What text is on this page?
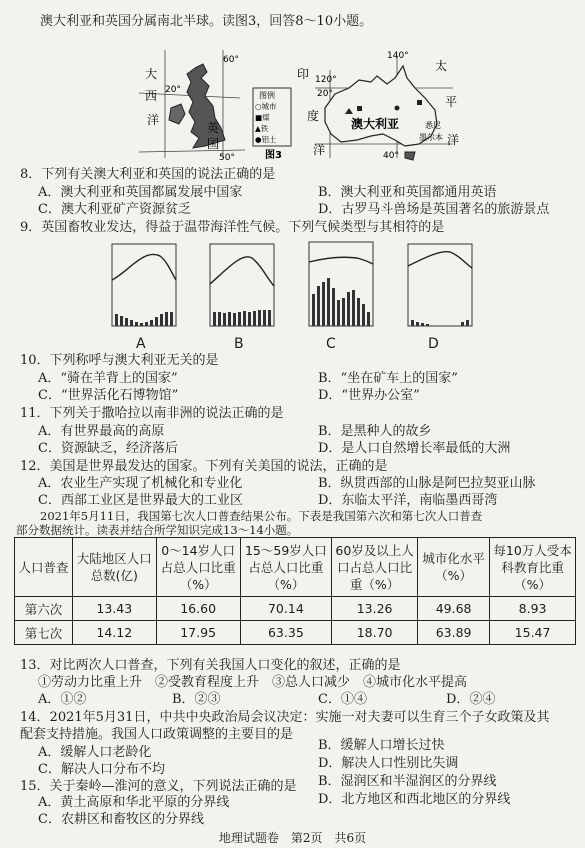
澳大利亚和英国分属南北半球。读图3，回答8～10小题。
大
西
洋
英
国
60°
20°
50°
图例
○城市
■煤
▲铁
●铝土
图3
印
度
洋
120°
140°
20°
40°
太
平
洋
澳大利亚	悉尼
墨尔本
8．下列有关澳大利亚和英国的说法正确的是
A．澳大利亚和英国都属发展中国家	B．澳大利亚和英国都通用英语
C．澳大利亚矿产资源贫乏	D．古罗马斗兽场是英国著名的旅游景点
9．英国畜牧业发达，得益于温带海洋性气候。下列气候类型与其相符的是
A	B	C	D
10．下列称呼与澳大利亚无关的是
A．“骑在羊背上的国家”	B．“坐在矿车上的国家”
C．“世界活化石博物馆”	D．“世界办公室”
11．下列关于撒哈拉以南非洲的说法正确的是
A．有世界最高的高原	B．是黑种人的故乡
C．资源缺乏，经济落后	D．是人口自然增长率最低的大洲
12．美国是世界最发达的国家。下列有关美国的说法，正确的是
A．农业生产实现了机械化和专业化	B．纵贯西部的山脉是阿巴拉契亚山脉
C．西部工业区是世界最大的工业区	D．东临太平洋，南临墨西哥湾
2021年5月11日，我国第七次人口普查结果公布。下表是我国第六次和第七次人口普查
部分数据统计。读表并结合所学知识完成13～14小题。
人口普查	大陆地区人口总数(亿)	0～14岁人口占总人口比重（%）	15～59岁人口占总人口比重（%）	60岁及以上人口占总人口比重（%）	城市化水平（%）	每10万人受本科教育比重（%）
第六次	13.43	16.60	70.14	13.26	49.68	8.93
第七次	14.12	17.95	63.35	18.70	63.89	15.47
13．对比两次人口普查，下列有关我国人口变化的叙述，正确的是
①劳动力比重上升　②受教育程度上升　③总人口减少　④城市化水平提高
A．①②	B．②③	C．①④	D．②④
14．2021年5月31日，中共中央政治局会议决定：实施一对夫妻可以生育三个子女政策及其
配套支持措施。我国人口政策调整的主要目的是
B．缓解人口增长过快
A．缓解人口老龄化
C．解决人口分布不均	D．解决人口性别比失调
15．关于秦岭—淮河的意义，下列说法正确的是 B．湿润区和半湿润区的分界线
A．黄土高原和华北平原的分界线	D．北方地区和西北地区的分界线
C．农耕区和畜牧区的分界线
地理试题卷　第2页　共6页
